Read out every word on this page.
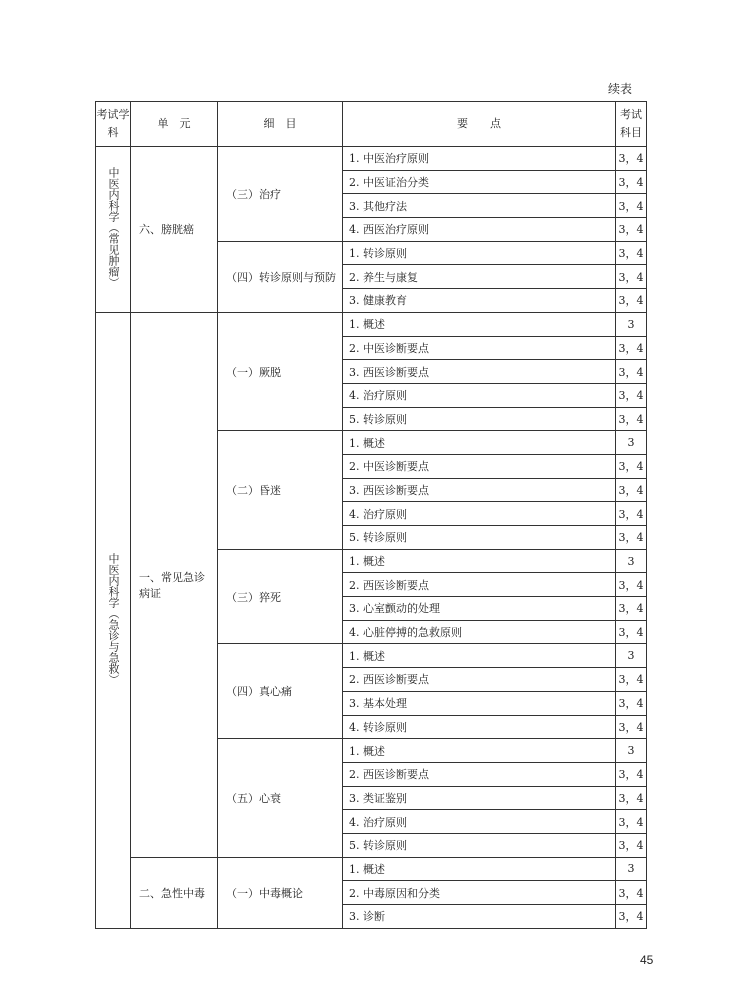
续表
考试学科	单　元	细　目	要　　点	考试科目
中医内科学（常见肿瘤）	六、膀胱癌	（三）治疗	1. 中医治疗原则	3，4
			2. 中医证治分类	3，4
			3. 其他疗法	3，4
			4. 西医治疗原则	3，4
		（四）转诊原则与预防	1. 转诊原则	3，4
			2. 养生与康复	3，4
			3. 健康教育	3，4
中医内科学（急诊与急救）	一、常见急诊病证	（一）厥脱	1. 概述	3
			2. 中医诊断要点	3，4
			3. 西医诊断要点	3，4
			4. 治疗原则	3，4
			5. 转诊原则	3，4
		（二）昏迷	1. 概述	3
			2. 中医诊断要点	3，4
			3. 西医诊断要点	3，4
			4. 治疗原则	3，4
			5. 转诊原则	3，4
		（三）猝死	1. 概述	3
			2. 西医诊断要点	3，4
			3. 心室颤动的处理	3，4
			4. 心脏停搏的急救原则	3，4
		（四）真心痛	1. 概述	3
			2. 西医诊断要点	3，4
			3. 基本处理	3，4
			4. 转诊原则	3，4
		（五）心衰	1. 概述	3
			2. 西医诊断要点	3，4
			3. 类证鉴别	3，4
			4. 治疗原则	3，4
			5. 转诊原则	3，4
	二、急性中毒	（一）中毒概论	1. 概述	3
			2. 中毒原因和分类	3，4
			3. 诊断	3，4
45
